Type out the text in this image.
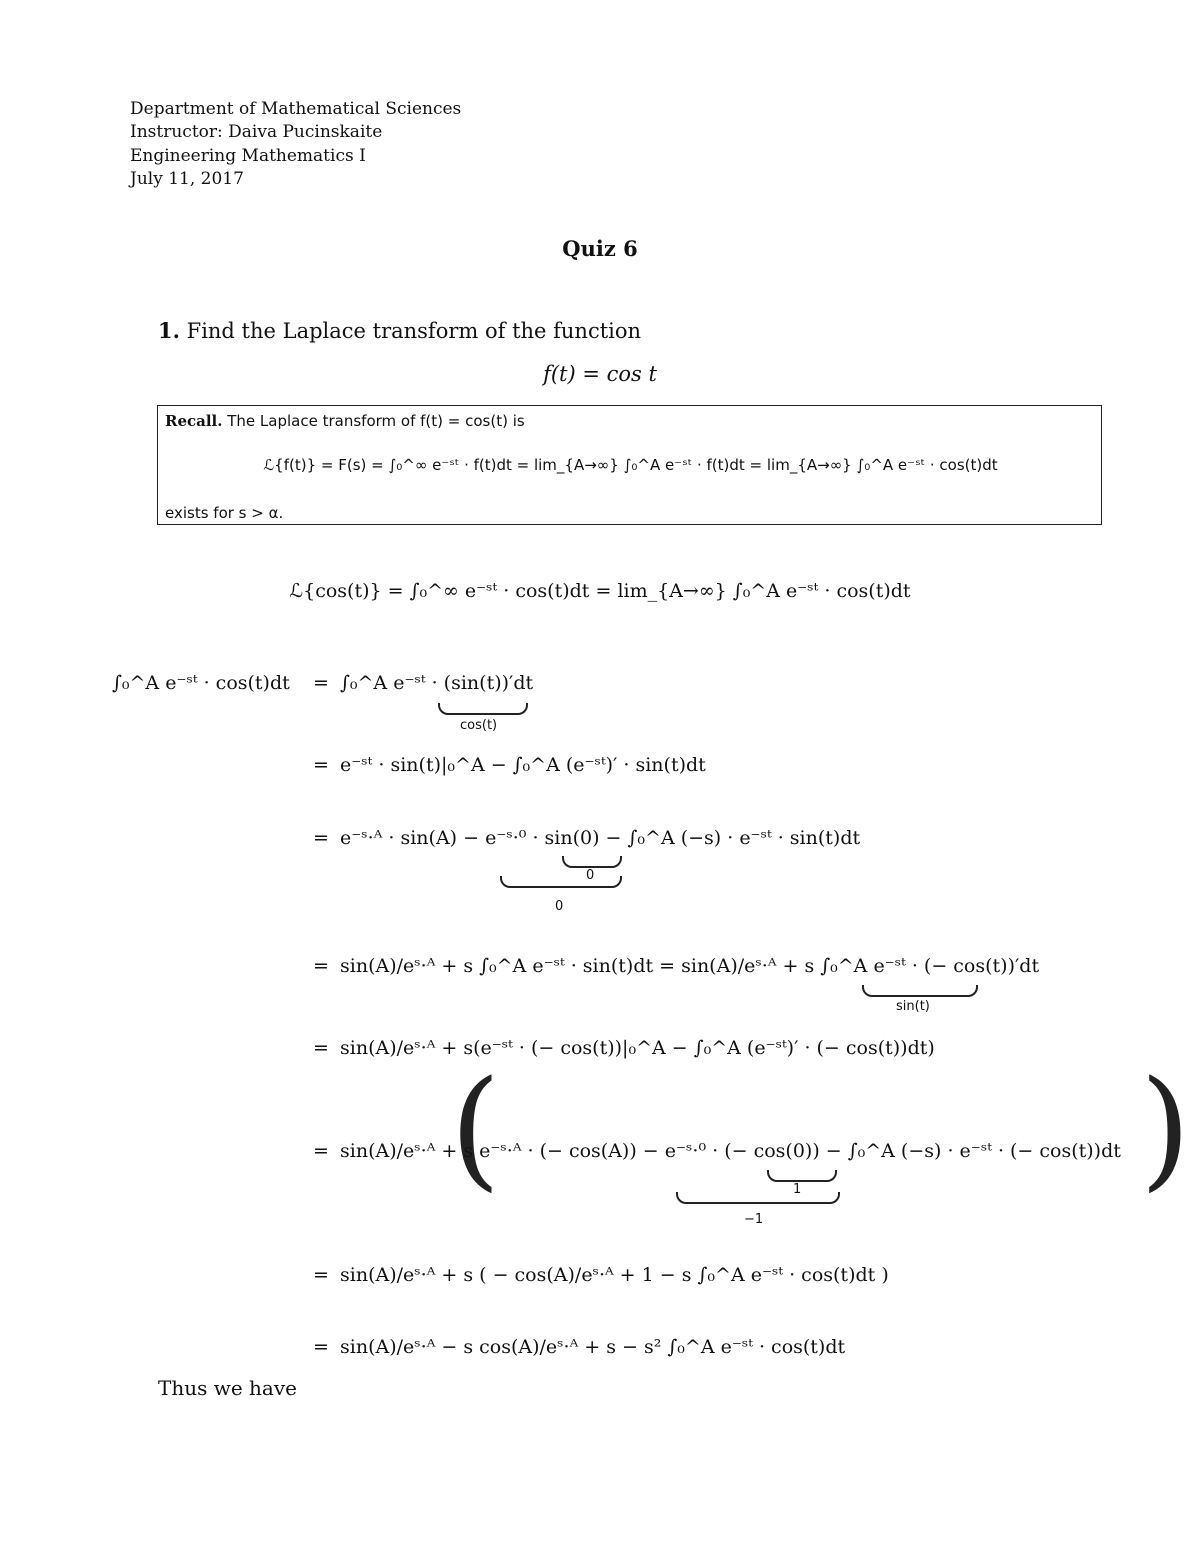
Department of Mathematical Sciences
Instructor: Daiva Pucinskaite
Engineering Mathematics I
July 11, 2017
Quiz 6
1. Find the Laplace transform of the function
f(t) = cos t
Recall. The Laplace transform of f(t) = cos(t) is
ℒ{f(t)} = F(s) = ∫₀^∞ e⁻ˢᵗ · f(t)dt = lim_{A→∞} ∫₀^A e⁻ˢᵗ · f(t)dt = lim_{A→∞} ∫₀^A e⁻ˢᵗ · cos(t)dt
exists for s > α.
ℒ{cos(t)} = ∫₀^∞ e⁻ˢᵗ · cos(t)dt = lim_{A→∞} ∫₀^A e⁻ˢᵗ · cos(t)dt
∫₀^A e⁻ˢᵗ · cos(t)dt = ∫₀^A e⁻ˢᵗ · (sin(t))′dt
cos(t)
= e⁻ˢᵗ · sin(t)|₀^A − ∫₀^A (e⁻ˢᵗ)′ · sin(t)dt
= e⁻ˢ·ᴬ · sin(A) − e⁻ˢ·⁰ · sin(0) − ∫₀^A (−s) · e⁻ˢᵗ · sin(t)dt
0
0
= sin(A)/eˢ·ᴬ + s ∫₀^A e⁻ˢᵗ · sin(t)dt = sin(A)/eˢ·ᴬ + s ∫₀^A e⁻ˢᵗ · (− cos(t))′dt
sin(t)
= sin(A)/eˢ·ᴬ + s(e⁻ˢᵗ · (− cos(t))|₀^A − ∫₀^A (e⁻ˢᵗ)′ · (− cos(t))dt)
= (
sin(A)/eˢ·ᴬ + s e⁻ˢ·ᴬ · (− cos(A)) − e⁻ˢ·⁰ · (− cos(0)) − ∫₀^A (−s) · e⁻ˢᵗ · (− cos(t))dt )
1
−1
= sin(A)/eˢ·ᴬ + s ( − cos(A)/eˢ·ᴬ + 1 − s ∫₀^A e⁻ˢᵗ · cos(t)dt )
= sin(A)/eˢ·ᴬ − s cos(A)/eˢ·ᴬ + s − s² ∫₀^A e⁻ˢᵗ · cos(t)dt
Thus we have
